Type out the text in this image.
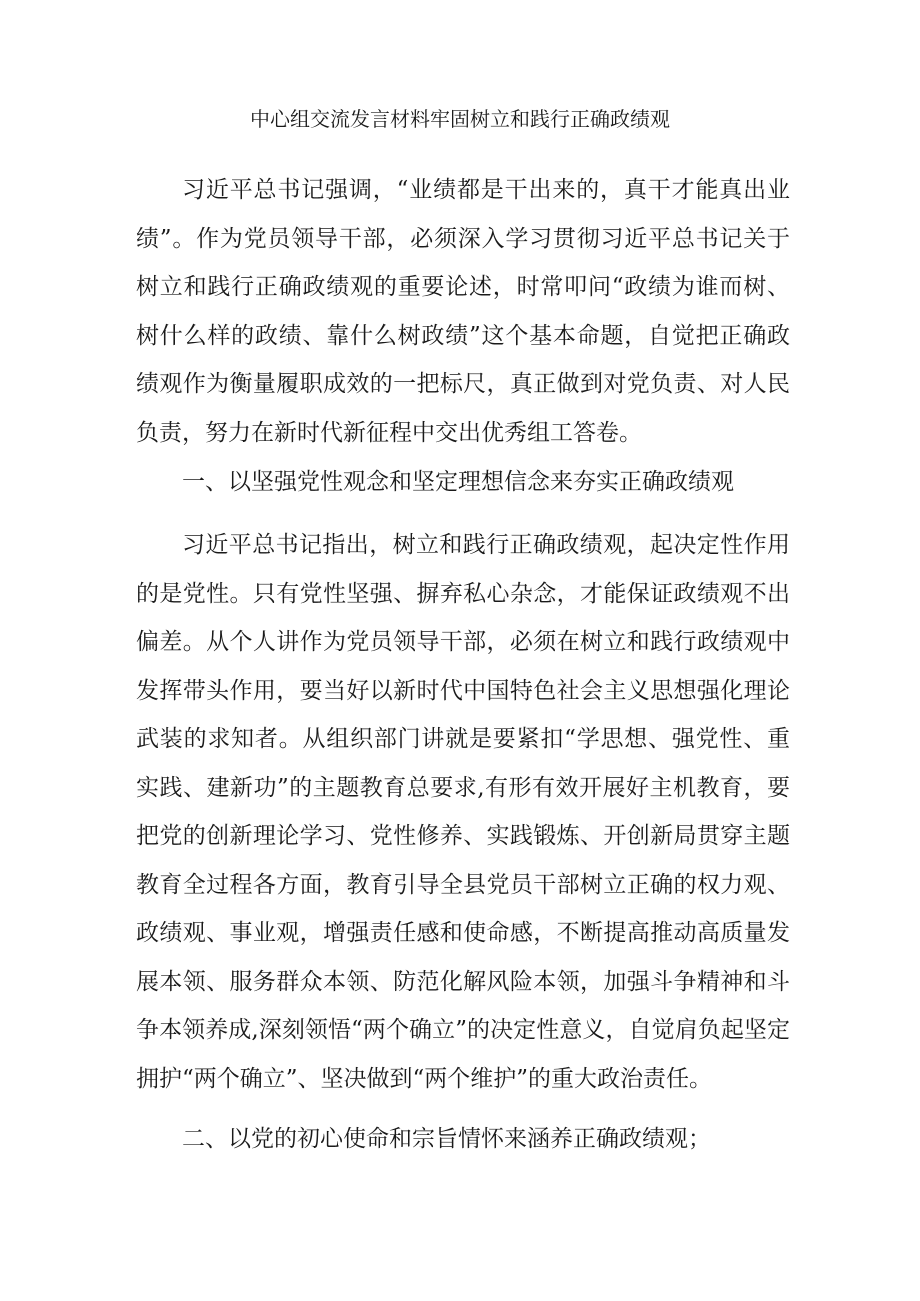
中心组交流发言材料牢固树立和践行正确政绩观

习近平总书记强调，“业绩都是干出来的，真干才能真出业绩”。作为党员领导干部，必须深入学习贯彻习近平总书记关于树立和践行正确政绩观的重要论述，时常叩问“政绩为谁而树、树什么样的政绩、靠什么树政绩”这个基本命题，自觉把正确政绩观作为衡量履职成效的一把标尺，真正做到对党负责、对人民负责，努力在新时代新征程中交出优秀组工答卷。

一、以坚强党性观念和坚定理想信念来夯实正确政绩观

习近平总书记指出，树立和践行正确政绩观，起决定性作用的是党性。只有党性坚强、摒弃私心杂念，才能保证政绩观不出偏差。从个人讲作为党员领导干部，必须在树立和践行政绩观中发挥带头作用，要当好以新时代中国特色社会主义思想强化理论武装的求知者。从组织部门讲就是要紧扣“学思想、强党性、重实践、建新功”的主题教育总要求,有形有效开展好主机教育，要把党的创新理论学习、党性修养、实践锻炼、开创新局贯穿主题教育全过程各方面，教育引导全县党员干部树立正确的权力观、政绩观、事业观，增强责任感和使命感，不断提高推动高质量发展本领、服务群众本领、防范化解风险本领，加强斗争精神和斗争本领养成,深刻领悟“两个确立”的决定性意义，自觉肩负起坚定拥护“两个确立”、坚决做到“两个维护”的重大政治责任。

二、以党的初心使命和宗旨情怀来涵养正确政绩观；
